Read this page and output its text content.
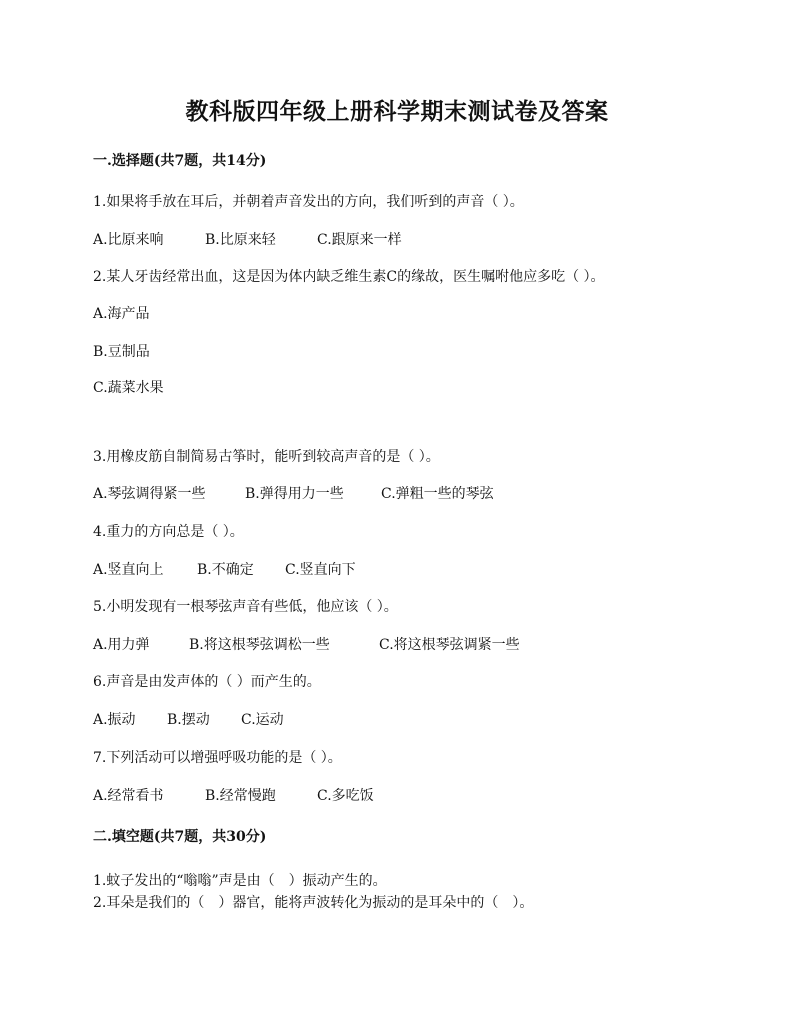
教科版四年级上册科学期末测试卷及答案
一.选择题(共7题，共14分)
1.如果将手放在耳后，并朝着声音发出的方向，我们听到的声音（ ）。
A.比原来响	B.比原来轻	C.跟原来一样
2.某人牙齿经常出血，这是因为体内缺乏维生素C的缘故，医生嘱咐他应多吃（ ）。
A.海产品
B.豆制品
C.蔬菜水果
3.用橡皮筋自制简易古筝时，能听到较高声音的是（ ）。
A.琴弦调得紧一些	B.弹得用力一些	C.弹粗一些的琴弦
4.重力的方向总是（ ）。
A.竖直向上 B.不确定 C.竖直向下
5.小明发现有一根琴弦声音有些低，他应该（ ）。
A.用力弹	B.将这根琴弦调松一些	C.将这根琴弦调紧一些
6.声音是由发声体的（ ）而产生的。
A.振动 B.摆动 C.运动
7.下列活动可以增强呼吸功能的是（ ）。
A.经常看书	B.经常慢跑	C.多吃饭
二.填空题(共7题，共30分)
1.蚊子发出的“嗡嗡”声是由（　）振动产生的。
2.耳朵是我们的（　）器官，能将声波转化为振动的是耳朵中的（　）。
